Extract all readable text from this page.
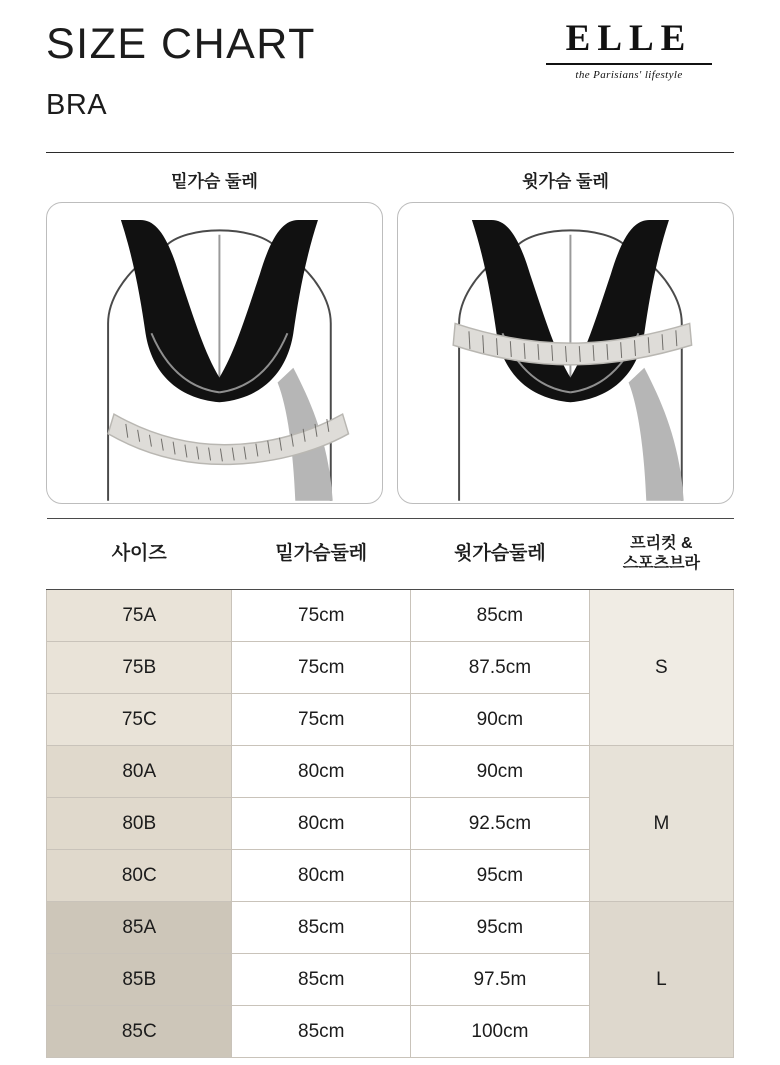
SIZE CHART
BRA
ELLE
the Parisians' lifestyle
밑가슴 둘레	윗가슴 둘레
사이즈	밑가슴둘레	윗가슴둘레	프리컷 &
스포츠브라

75A	75cm	85cm	S
75B	75cm	87.5cm	
75C	75cm	90cm	
80A	80cm	90cm	M
80B	80cm	92.5cm	
80C	80cm	95cm	
85A	85cm	95cm	L
85B	85cm	97.5m	
85C	85cm	100cm	
